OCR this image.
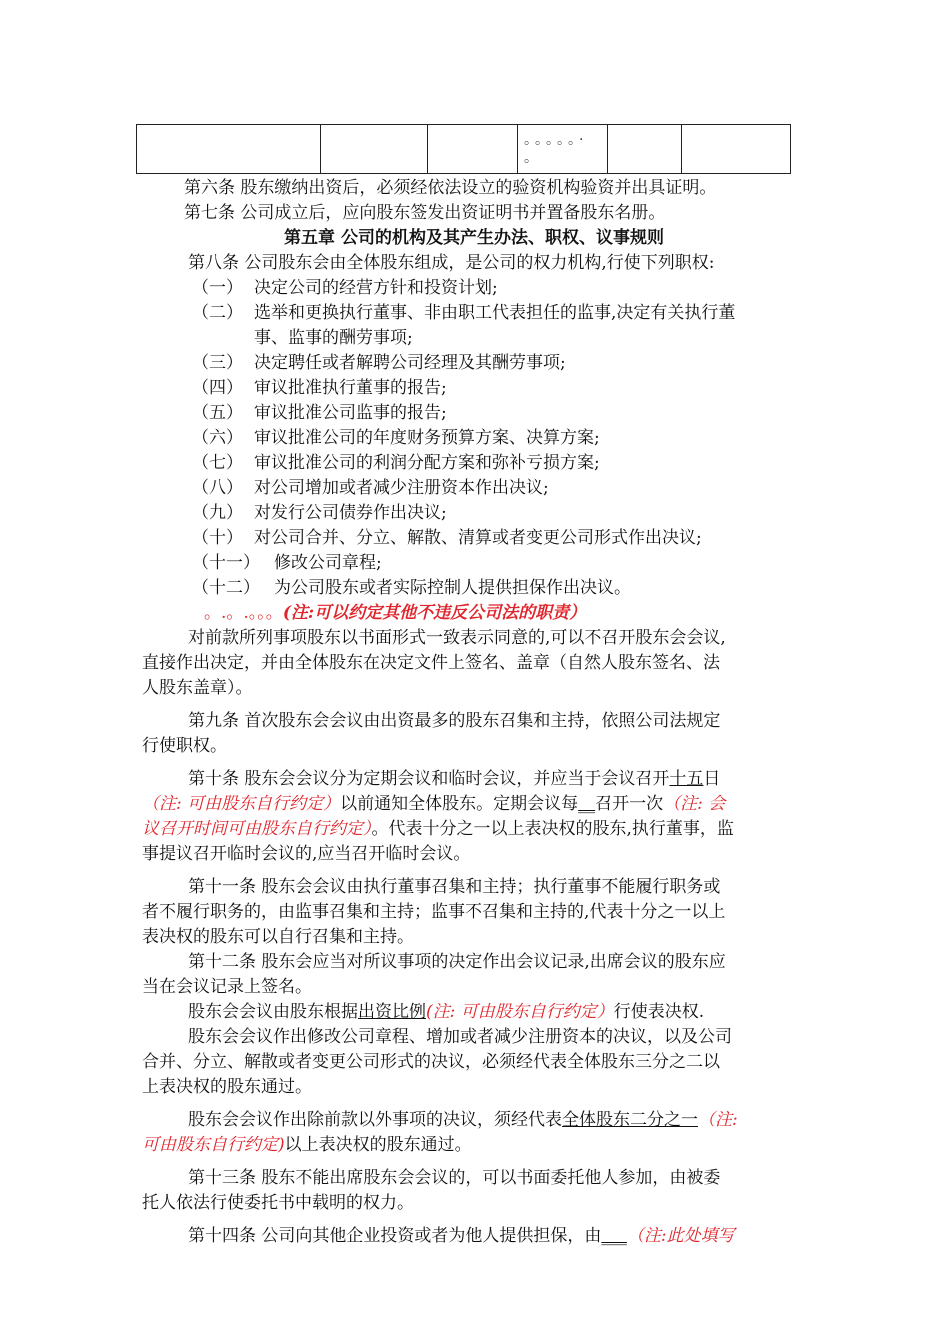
			。。。。。·
。		
第六条 股东缴纳出资后，必须经依法设立的验资机构验资并出具证明。
第七条 公司成立后，应向股东签发出资证明书并置备股东名册。
第五章 公司的机构及其产生办法、职权、议事规则
第八条 公司股东会由全体股东组成，是公司的权力机构,行使下列职权:
（一） 决定公司的经营方针和投资计划;
（二） 选举和更换执行董事、非由职工代表担任的监事,决定有关执行董
事、监事的酬劳事项;
（三） 决定聘任或者解聘公司经理及其酬劳事项;
（四） 审议批准执行董事的报告;
（五） 审议批准公司监事的报告;
（六） 审议批准公司的年度财务预算方案、决算方案;
（七） 审议批准公司的利润分配方案和弥补亏损方案;
（八） 对公司增加或者减少注册资本作出决议;
（九） 对发行公司债券作出决议;
（十） 对公司合并、分立、解散、清算或者变更公司形式作出决议;
（十一） 修改公司章程;
（十二） 为公司股东或者实际控制人提供担保作出决议。
。.。.。。。(注:可以约定其他不违反公司法的职责）
对前款所列事项股东以书面形式一致表示同意的,可以不召开股东会会议,
直接作出决定，并由全体股东在决定文件上签名、盖章（自然人股东签名、法
人股东盖章）。
第九条 首次股东会会议由出资最多的股东召集和主持，依照公司法规定
行使职权。
第十条 股东会会议分为定期会议和临时会议，并应当于会议召开十五日
（注: 可由股东自行约定）以前通知全体股东。定期会议每__召开一次（注: 会
议召开时间可由股东自行约定）。代表十分之一以上表决权的股东,执行董事，监
事提议召开临时会议的,应当召开临时会议。
第十一条 股东会会议由执行董事召集和主持；执行董事不能履行职务或
者不履行职务的，由监事召集和主持；监事不召集和主持的,代表十分之一以上
表决权的股东可以自行召集和主持。
第十二条 股东会应当对所议事项的决定作出会议记录,出席会议的股东应
当在会议记录上签名。
股东会会议由股东根据出资比例(注: 可由股东自行约定）行使表决权.
股东会会议作出修改公司章程、增加或者减少注册资本的决议，以及公司
合并、分立、解散或者变更公司形式的决议，必须经代表全体股东三分之二以
上表决权的股东通过。
股东会会议作出除前款以外事项的决议，须经代表全体股东二分之一（注:
可由股东自行约定)以上表决权的股东通过。
第十三条 股东不能出席股东会会议的，可以书面委托他人参加，由被委
托人依法行使委托书中载明的权力。
第十四条 公司向其他企业投资或者为他人提供担保，由___（注:此处填写
